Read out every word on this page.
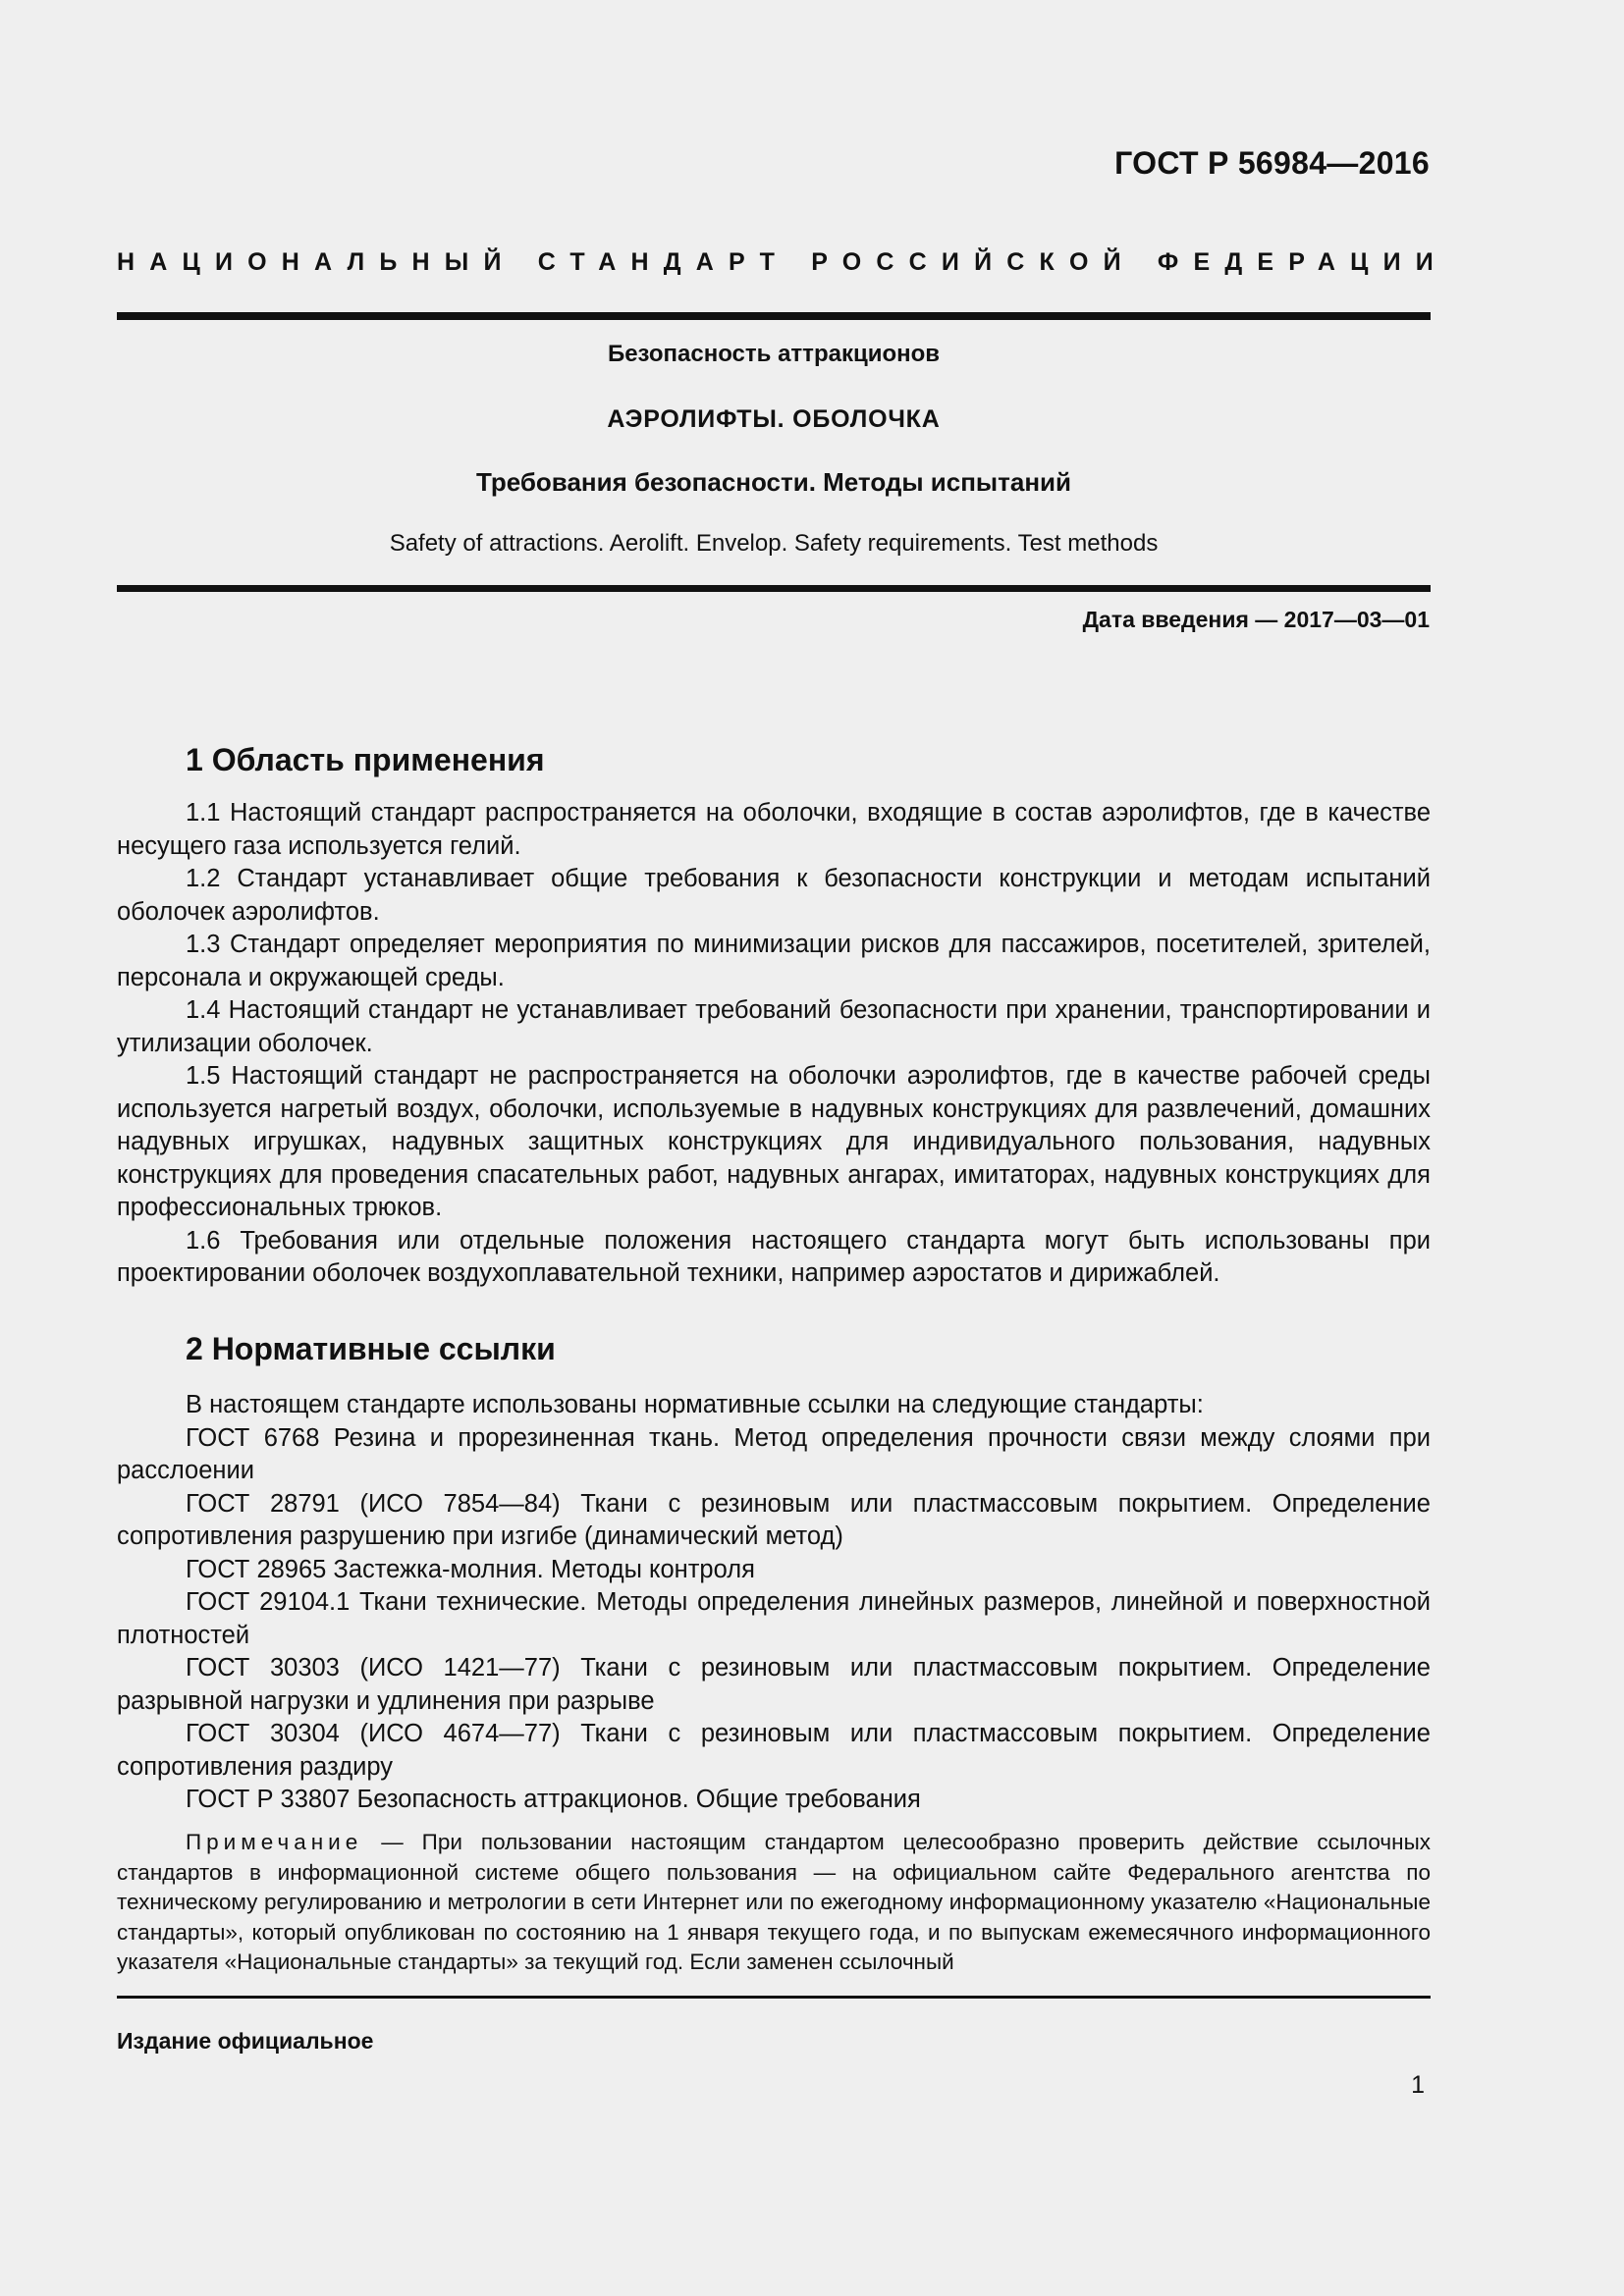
ГОСТ Р 56984—2016
НАЦИОНАЛЬНЫЙ СТАНДАРТ РОССИЙСКОЙ ФЕДЕРАЦИИ
Безопасность аттракционов
АЭРОЛИФТЫ. ОБОЛОЧКА
Требования безопасности. Методы испытаний
Safety of attractions. Aerolift. Envelop. Safety requirements. Test methods
Дата введения — 2017—03—01
1 Область применения

1.1 Настоящий стандарт распространяется на оболочки, входящие в состав аэролифтов, где в качестве несущего газа используется гелий.

1.2 Стандарт устанавливает общие требования к безопасности конструкции и методам испытаний оболочек аэролифтов.

1.3 Стандарт определяет мероприятия по минимизации рисков для пассажиров, посетителей, зрителей, персонала и окружающей среды.

1.4 Настоящий стандарт не устанавливает требований безопасности при хранении, транспортировании и утилизации оболочек.

1.5 Настоящий стандарт не распространяется на оболочки аэролифтов, где в качестве рабочей среды используется нагретый воздух, оболочки, используемые в надувных конструкциях для развлечений, домашних надувных игрушках, надувных защитных конструкциях для индивидуального пользования, надувных конструкциях для проведения спасательных работ, надувных ангарах, имитаторах, надувных конструкциях для профессиональных трюков.

1.6 Требования или отдельные положения настоящего стандарта могут быть использованы при проектировании оболочек воздухоплавательной техники, например аэростатов и дирижаблей.

2 Нормативные ссылки

В настоящем стандарте использованы нормативные ссылки на следующие стандарты:

ГОСТ 6768 Резина и прорезиненная ткань. Метод определения прочности связи между слоями при расслоении

ГОСТ 28791 (ИСО 7854—84) Ткани с резиновым или пластмассовым покрытием. Определение сопротивления разрушению при изгибе (динамический метод)

ГОСТ 28965 Застежка-молния. Методы контроля

ГОСТ 29104.1 Ткани технические. Методы определения линейных размеров, линейной и поверхностной плотностей

ГОСТ 30303 (ИСО 1421—77) Ткани с резиновым или пластмассовым покрытием. Определение разрывной нагрузки и удлинения при разрыве

ГОСТ 30304 (ИСО 4674—77) Ткани с резиновым или пластмассовым покрытием. Определение сопротивления раздиру

ГОСТ Р 33807 Безопасность аттракционов. Общие требования

Примечание — При пользовании настоящим стандартом целесообразно проверить действие ссылочных стандартов в информационной системе общего пользования — на официальном сайте Федерального агентства по техническому регулированию и метрологии в сети Интернет или по ежегодному информационному указателю «Национальные стандарты», который опубликован по состоянию на 1 января текущего года, и по выпускам ежемесячного информационного указателя «Национальные стандарты» за текущий год. Если заменен ссылочный

Издание официальное
1
